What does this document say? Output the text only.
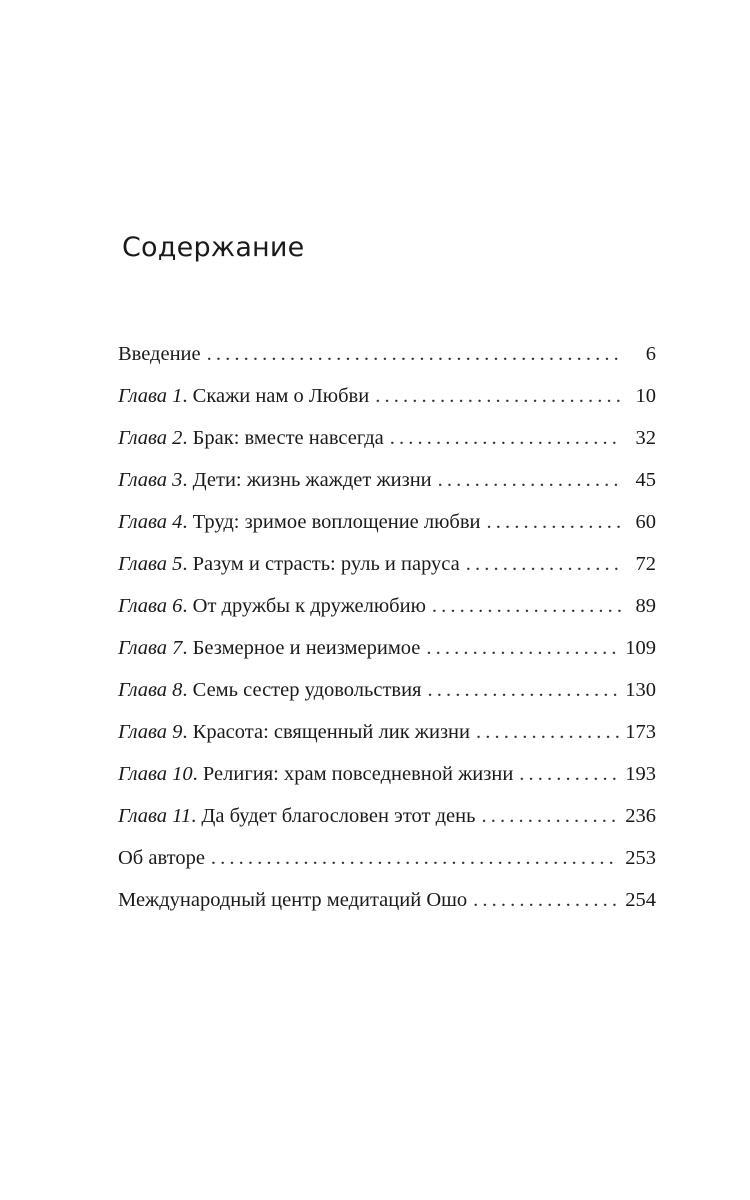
Содержание
Введение . . .	6
Глава 1. Скажи нам о Любви . . .	10
Глава 2. Брак: вместе навсегда . . .	32
Глава 3. Дети: жизнь жаждет жизни . . .	45
Глава 4. Труд: зримое воплощение любви . . .	60
Глава 5. Разум и страсть: руль и паруса . . .	72
Глава 6. От дружбы к дружелюбию . . .	89
Глава 7. Безмерное и неизмеримое . . .	109
Глава 8. Семь сестер удовольствия . . .	130
Глава 9. Красота: священный лик жизни . . .	173
Глава 10. Религия: храм повседневной жизни . . .	193
Глава 11. Да будет благословен этот день . . .	236
Об авторе . . .	253
Международный центр медитаций Ошо . . .	254
